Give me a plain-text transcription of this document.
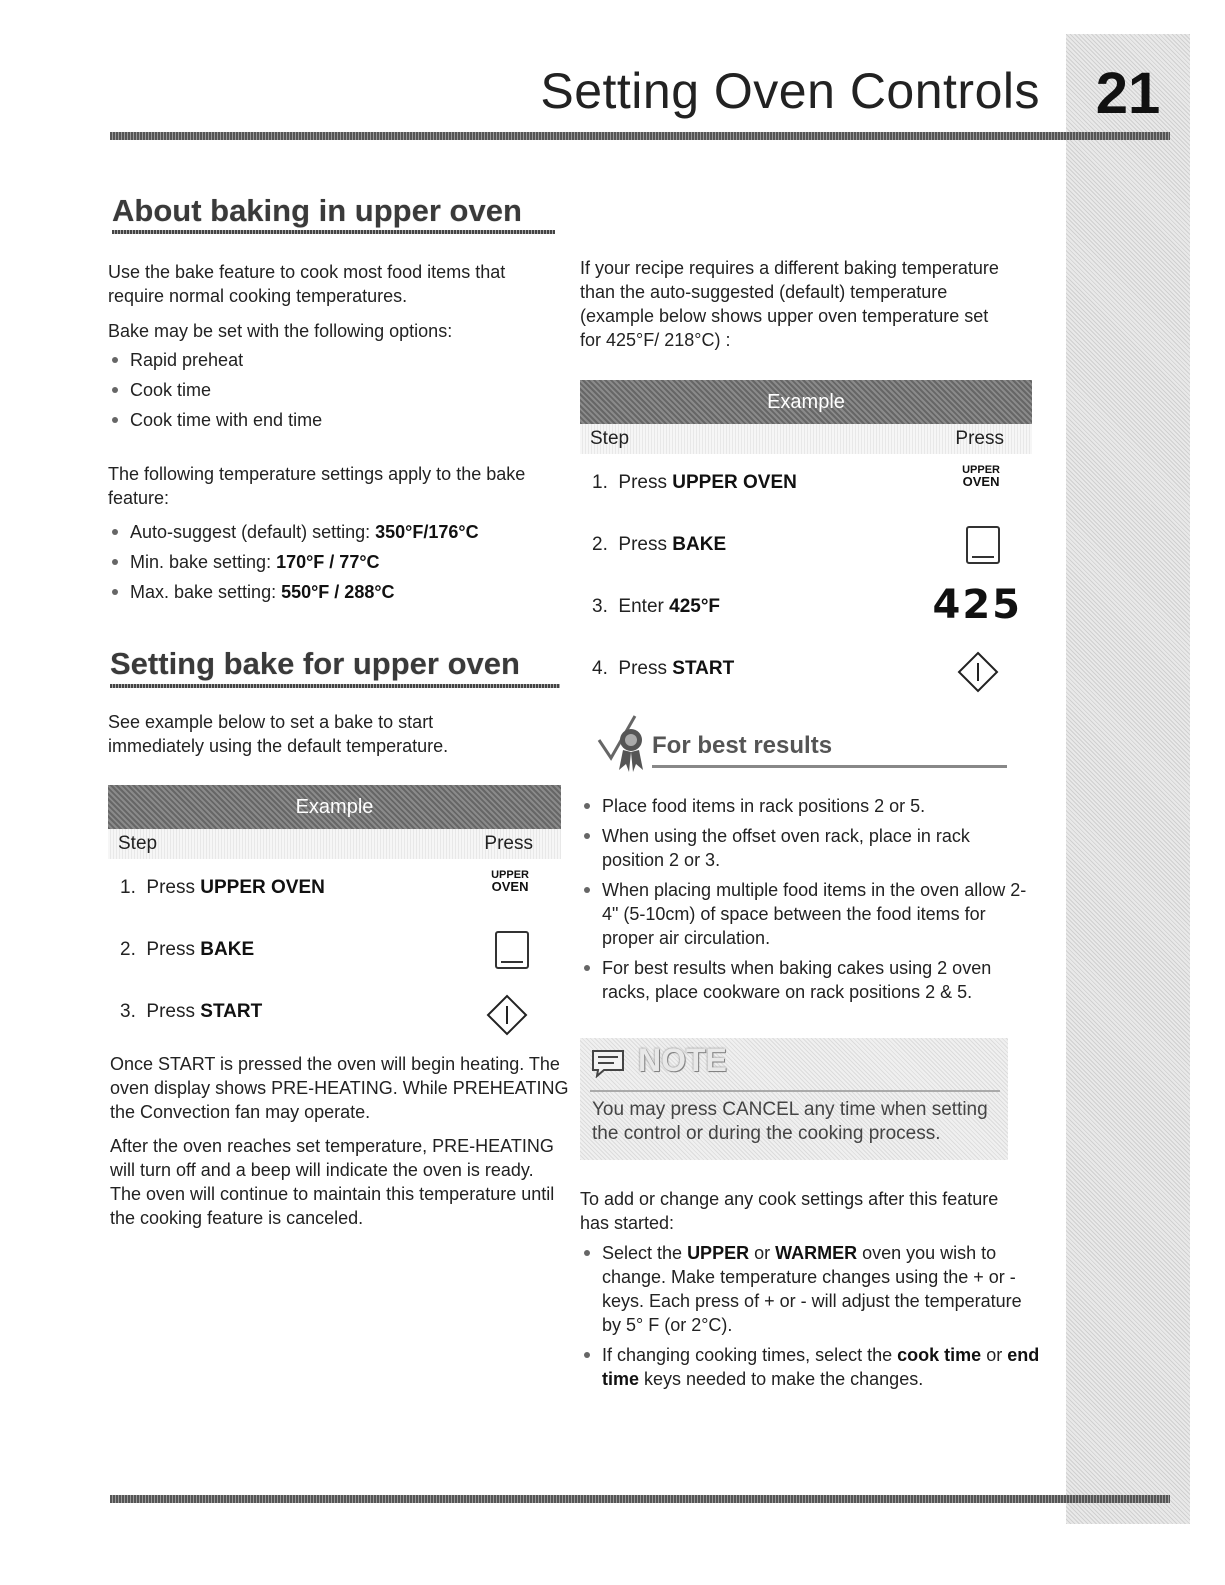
21
Setting Oven Controls
About baking in upper oven

Use the bake feature to cook most food items that require normal cooking temperatures.

Bake may be set with the following options:

Rapid preheat
Cook time
Cook time with end time

The following temperature settings apply to the bake feature:

Auto-suggest (default) setting: 350°F/176°C
Min. bake setting: 170°F / 77°C
Max. bake setting: 550°F / 288°C
Setting bake for upper oven

See example below to set a bake to start immediately using the default temperature.

Example
Step	Press
1. Press UPPER OVEN
UPPER
OVEN
2. Press BAKE
3. Press START

Once START is pressed the oven will begin heating. The oven display shows PRE-HEATING. While PREHEATING the Convection fan may operate.

After the oven reaches set temperature, PRE-HEATING will turn off and a beep will indicate the oven is ready. The oven will continue to maintain this temperature until the cooking feature is canceled.

If your recipe requires a different baking temperature than the auto-suggested (default) temperature (example below shows upper oven temperature set for 425°F/ 218°C) :

Example
Step	Press
1. Press UPPER OVEN
UPPER
OVEN
2. Press BAKE
3. Enter 425°F	425
4. Press START
For best results
Place food items in rack positions 2 or 5.
When using the offset oven rack, place in rack position 2 or 3.
When placing multiple food items in the oven allow 2-4" (5-10cm) of space between the food items for proper air circulation.
For best results when baking cakes using 2 oven racks, place cookware on rack positions 2 & 5.
NOTE
You may press CANCEL any time when setting the control or during the cooking process.

To add or change any cook settings after this feature has started:

Select the UPPER or WARMER oven you wish to change. Make temperature changes using the + or - keys. Each press of + or - will adjust the temperature by 5° F (or 2°C).
If changing cooking times, select the cook time or end time keys needed to make the changes.
